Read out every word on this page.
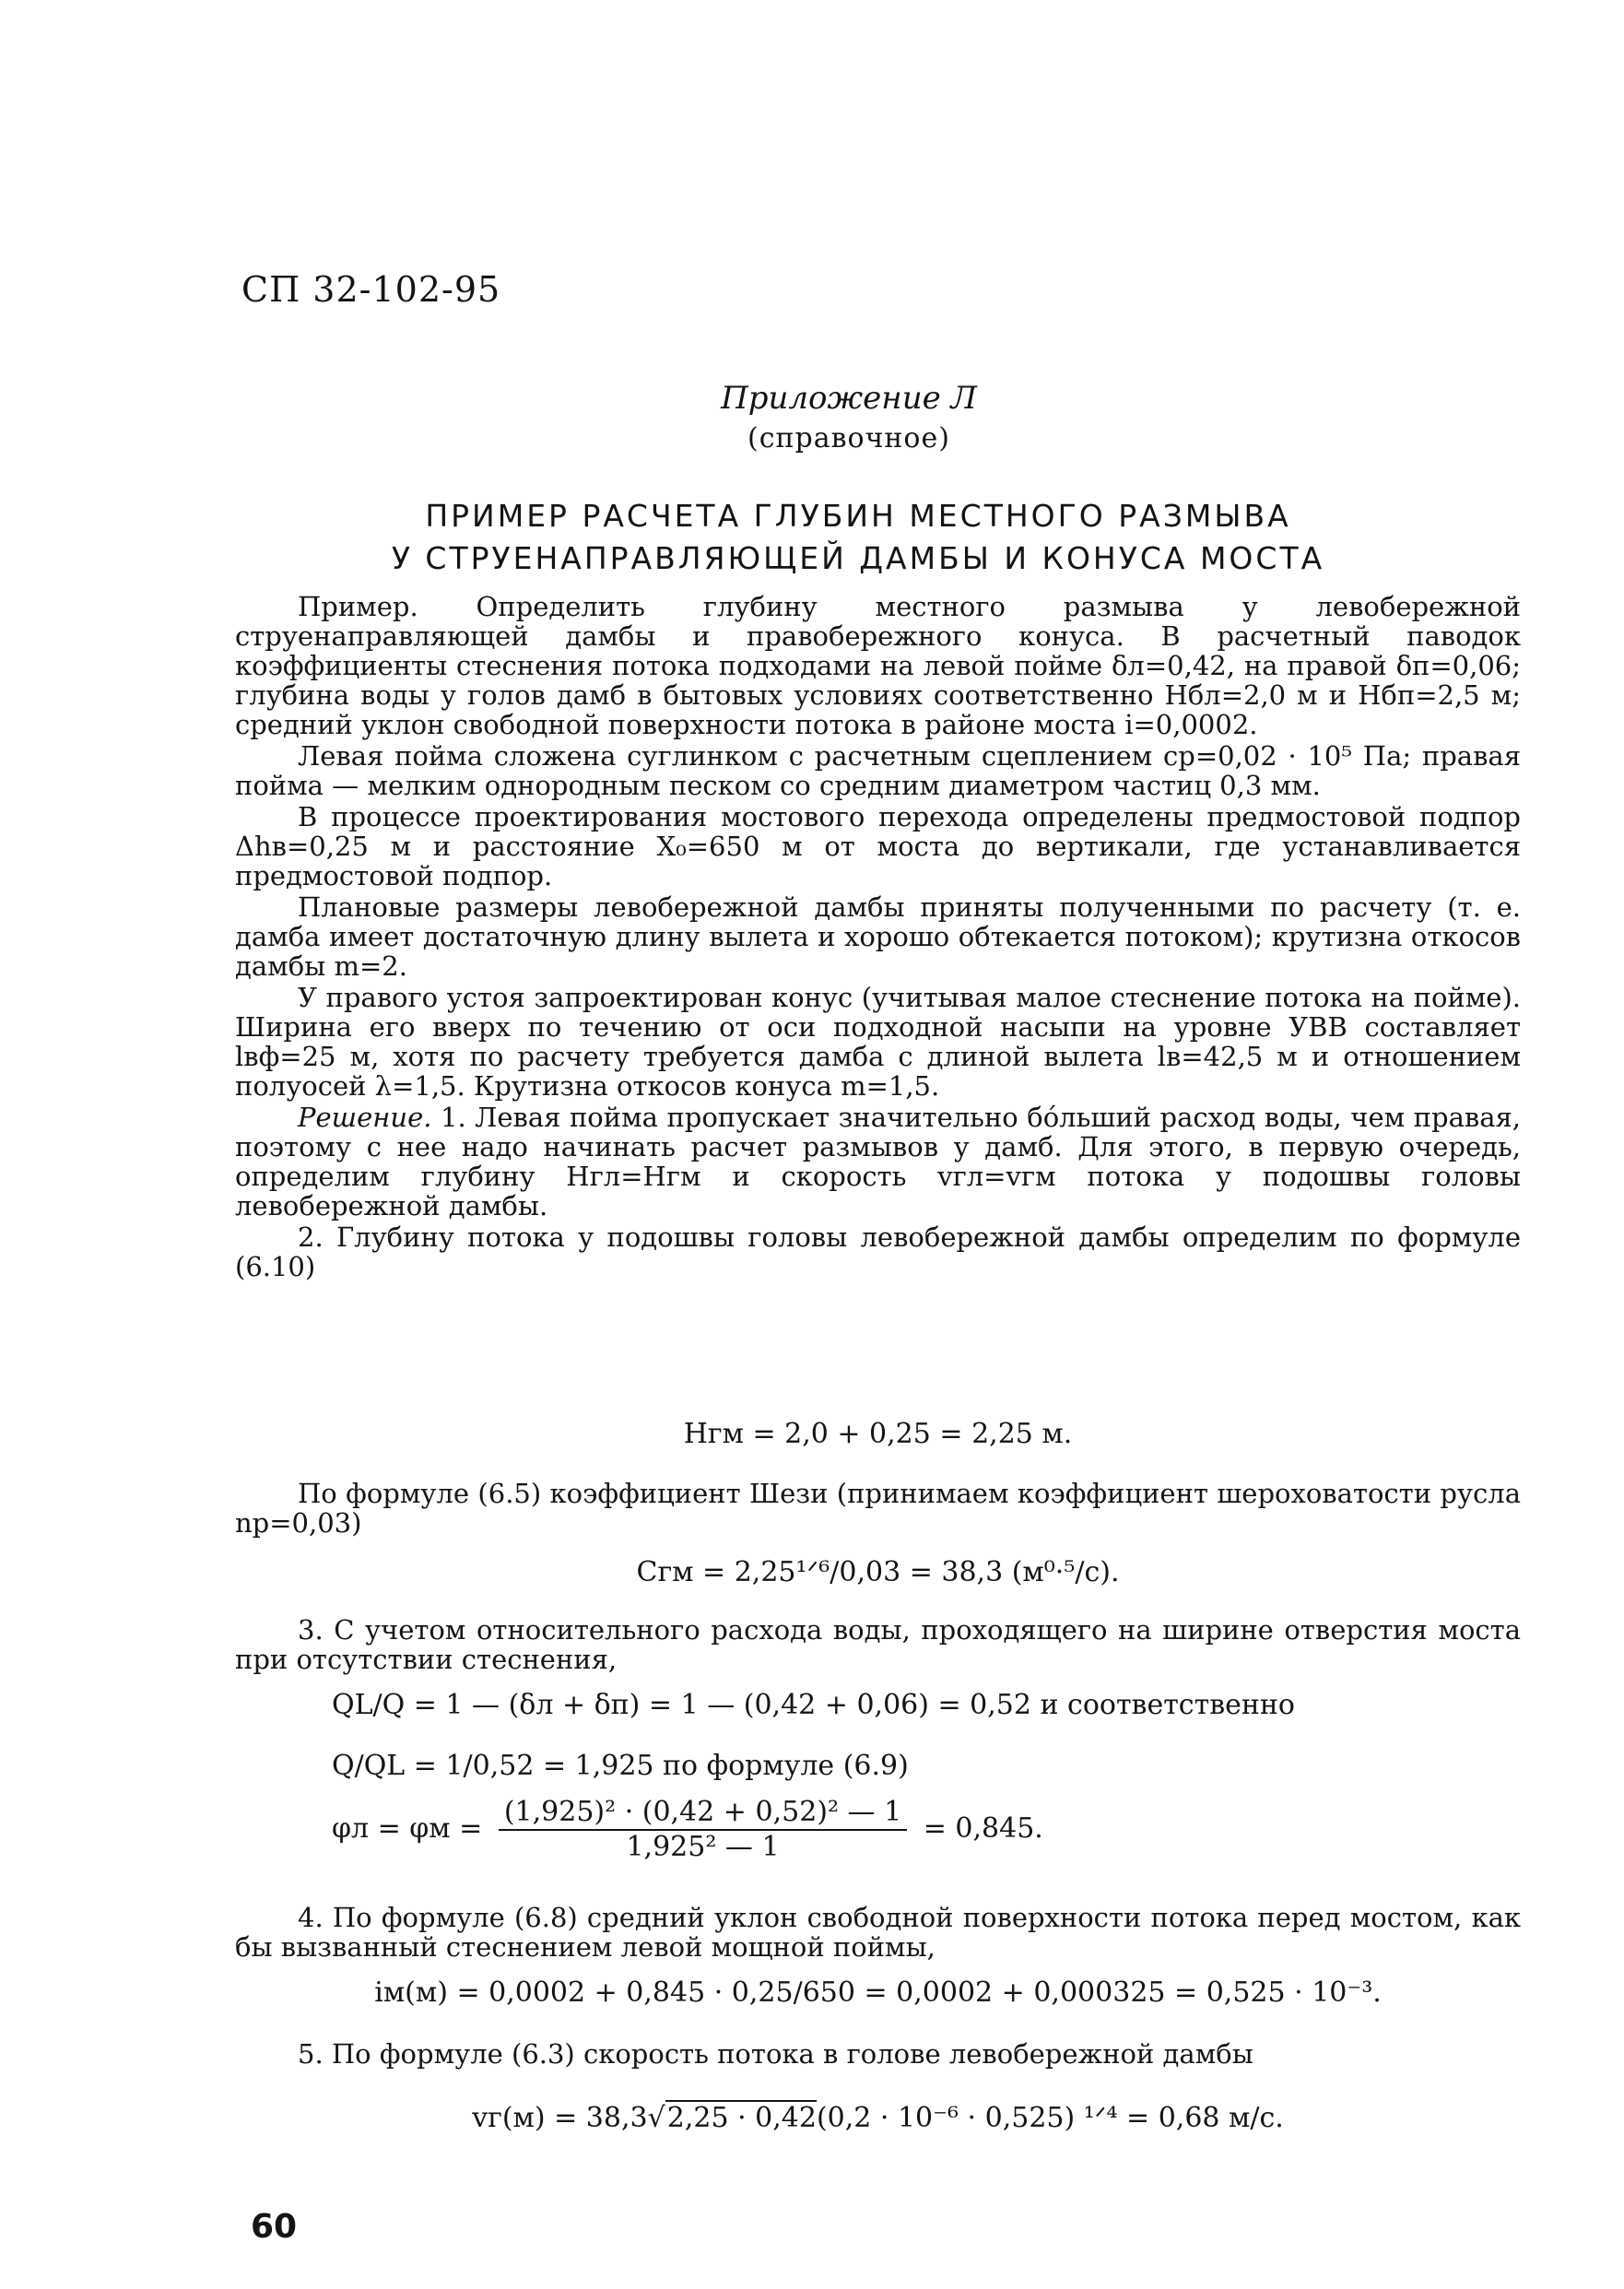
СП 32-102-95
Приложение Л
(справочное)
ПРИМЕР РАСЧЕТА ГЛУБИН МЕСТНОГО РАЗМЫВА
У СТРУЕНАПРАВЛЯЮЩЕЙ ДАМБЫ И КОНУСА МОСТА

Пример. Определить глубину местного размыва у левобережной струенаправляющей дамбы и правобережного конуса. В расчетный паводок коэффициенты стеснения потока подходами на левой пойме δл=0,42, на правой δп=0,06; глубина воды у голов дамб в бытовых условиях соответственно Hбл=2,0 м и Hбп=2,5 м; средний уклон свободной поверхности потока в районе моста i=0,0002.

Левая пойма сложена суглинком с расчетным сцеплением cр=0,02 · 10⁵ Па; правая пойма — мелким однородным песком со средним диаметром частиц 0,3 мм.

В процессе проектирования мостового перехода определены предмостовой подпор Δhв=0,25 м и расстояние X₀=650 м от моста до вертикали, где устанавливается предмостовой подпор.

Плановые размеры левобережной дамбы приняты полученными по расчету (т. е. дамба имеет достаточную длину вылета и хорошо обтекается потоком); крутизна откосов дамбы m=2.

У правого устоя запроектирован конус (учитывая малое стеснение потока на пойме). Ширина его вверх по течению от оси подходной насыпи на уровне УВВ составляет lвф=25 м, хотя по расчету требуется дамба с длиной вылета lв=42,5 м и отношением полуосей λ=1,5. Крутизна откосов конуса m=1,5.

Решение. 1. Левая пойма пропускает значительно бо́льший расход воды, чем правая, поэтому с нее надо начинать расчет размывов у дамб. Для этого, в первую очередь, определим глубину Hгл=Hгм и скорость vгл=vгм потока у подошвы головы левобережной дамбы.

2. Глубину потока у подошвы головы левобережной дамбы определим по формуле (6.10)

Hгм = 2,0 + 0,25 = 2,25 м.

По формуле (6.5) коэффициент Шези (принимаем коэффициент шероховатости русла nр=0,03)

Cгм = 2,25¹ᐟ⁶/0,03 = 38,3 (м⁰·⁵/с).

3. С учетом относительного расхода воды, проходящего на ширине отверстия моста при отсутствии стеснения,

QL/Q = 1 — (δл + δп) = 1 — (0,42 + 0,06) = 0,52 и соответственно
Q/QL = 1/0,52 = 1,925 по формуле (6.9)
$\varphi л = \varphi м = \frac{\text{(1,925)² · (0,42 + 0,52)² — 1}}{\text{1,925² — 1}} = 0,845$.

4. По формуле (6.8) средний уклон свободной поверхности потока перед мостом, как бы вызванный стеснением левой мощной поймы,

iм(м) = 0,0002 + 0,845 · 0,25/650 = 0,0002 + 0,000325 = 0,525 · 10⁻³.

5. По формуле (6.3) скорость потока в голове левобережной дамбы

vг(м) = 38,3√2,25 · 0,42(0,2 · 10⁻⁶ · 0,525) ¹ᐟ⁴ = 0,68 м/с.
60
